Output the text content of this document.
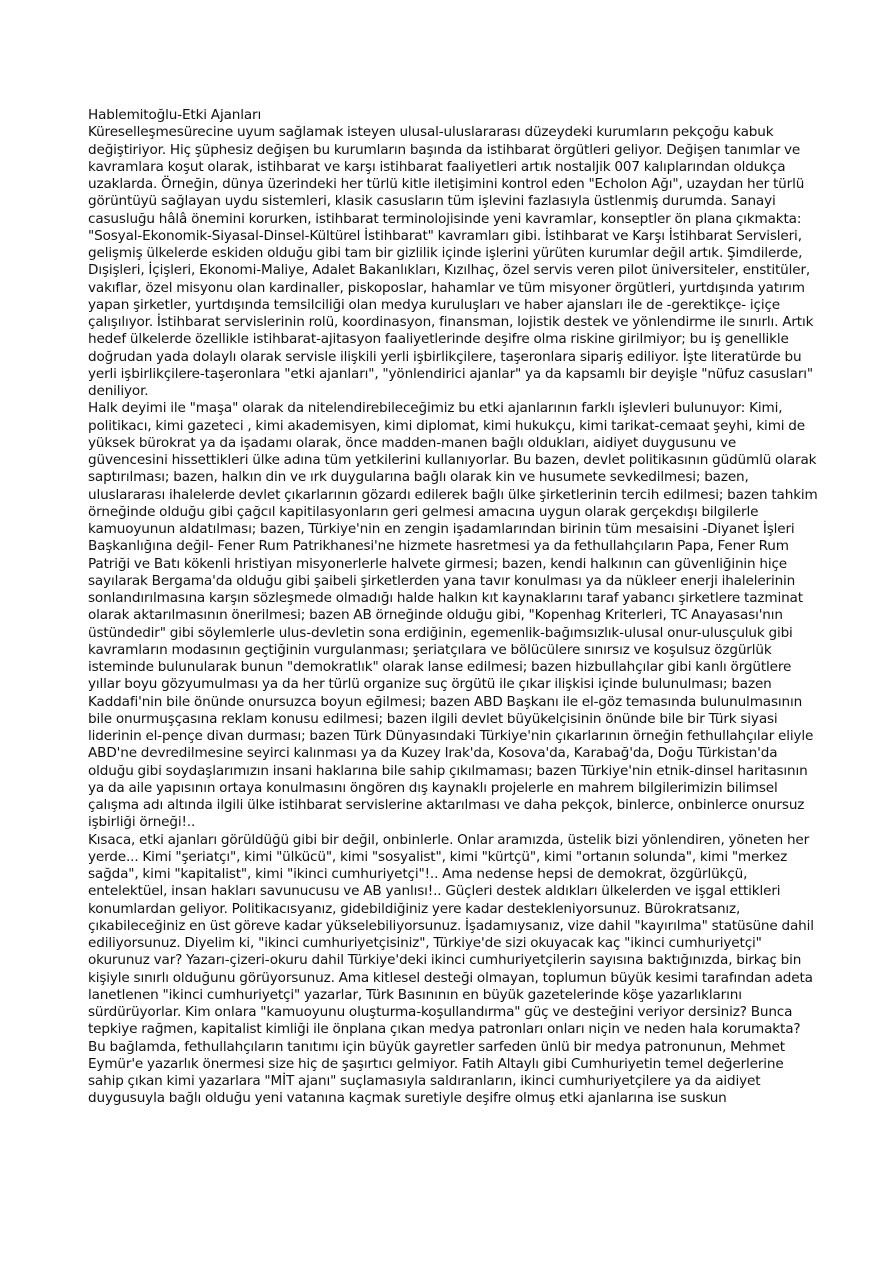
Hablemitoğlu-Etki Ajanları

Küreselleşmesürecine uyum sağlamak isteyen ulusal-uluslararası düzeydeki kurumların pekçoğu kabuk değiştiriyor. Hiç şüphesiz değişen bu kurumların başında da istihbarat örgütleri geliyor. Değişen tanımlar ve kavramlara koşut olarak, istihbarat ve karşı istihbarat faaliyetleri artık nostaljik 007 kalıplarından oldukça uzaklarda. Örneğin, dünya üzerindeki her türlü kitle iletişimini kontrol eden "Echolon Ağı", uzaydan her türlü görüntüyü sağlayan uydu sistemleri, klasik casusların tüm işlevini fazlasıyla üstlenmiş durumda. Sanayi casusluğu hâlâ önemini korurken, istihbarat terminolojisinde yeni kavramlar, konseptler ön plana çıkmakta: "Sosyal-Ekonomik-Siyasal-Dinsel-Kültürel İstihbarat" kavramları gibi. İstihbarat ve Karşı İstihbarat Servisleri, gelişmiş ülkelerde eskiden olduğu gibi tam bir gizlilik içinde işlerini yürüten kurumlar değil artık. Şimdilerde, Dışişleri, İçişleri, Ekonomi-Maliye, Adalet Bakanlıkları, Kızılhaç, özel servis veren pilot üniversiteler, enstitüler, vakıflar, özel misyonu olan kardinaller, piskoposlar, hahamlar ve tüm misyoner örgütleri, yurtdışında yatırım yapan şirketler, yurtdışında temsilciliği olan medya kuruluşları ve haber ajansları ile de -gerektikçe- içiçe çalışılıyor. İstihbarat servislerinin rolü, koordinasyon, finansman, lojistik destek ve yönlendirme ile sınırlı. Artık hedef ülkelerde özellikle istihbarat-ajitasyon faaliyetlerinde deşifre olma riskine girilmiyor; bu iş genellikle doğrudan yada dolaylı olarak servisle ilişkili yerli işbirlikçilere, taşeronlara sipariş ediliyor. İşte literatürde bu yerli işbirlikçilere-taşeronlara "etki ajanları", "yönlendirici ajanlar" ya da kapsamlı bir deyişle "nüfuz casusları" deniliyor.

Halk deyimi ile "maşa" olarak da nitelendirebileceğimiz bu etki ajanlarının farklı işlevleri bulunuyor: Kimi, politikacı, kimi gazeteci , kimi akademisyen, kimi diplomat, kimi hukukçu, kimi tarikat-cemaat şeyhi, kimi de yüksek bürokrat ya da işadamı olarak, önce madden-manen bağlı oldukları, aidiyet duygusunu ve güvencesini hissettikleri ülke adına tüm yetkilerini kullanıyorlar. Bu bazen, devlet politikasının güdümlü olarak saptırılması; bazen, halkın din ve ırk duygularına bağlı olarak kin ve husumete sevkedilmesi; bazen, uluslararası ihalelerde devlet çıkarlarının gözardı edilerek bağlı ülke şirketlerinin tercih edilmesi; bazen tahkim örneğinde olduğu gibi çağcıl kapitilasyonların geri gelmesi amacına uygun olarak gerçekdışı bilgilerle kamuoyunun aldatılması; bazen, Türkiye'nin en zengin işadamlarından birinin tüm mesaisini -Diyanet İşleri Başkanlığına değil- Fener Rum Patrikhanesi'ne hizmete hasretmesi ya da fethullahçıların Papa, Fener Rum Patriği ve Batı kökenli hristiyan misyonerlerle halvete girmesi; bazen, kendi halkının can güvenliğinin hiçe sayılarak Bergama'da olduğu gibi şaibeli şirketlerden yana tavır konulması ya da nükleer enerji ihalelerinin sonlandırılmasına karşın sözleşmede olmadığı halde halkın kıt kaynaklarını taraf yabancı şirketlere tazminat olarak aktarılmasının önerilmesi; bazen AB örneğinde olduğu gibi, "Kopenhag Kriterleri, TC Anayasası'nın üstündedir" gibi söylemlerle ulus-devletin sona erdiğinin, egemenlik-bağımsızlık-ulusal onur-ulusçuluk gibi kavramların modasının geçtiğinin vurgulanması; şeriatçılara ve bölücülere sınırsız ve koşulsuz özgürlük isteminde bulunularak bunun "demokratlık" olarak lanse edilmesi; bazen hizbullahçılar gibi kanlı örgütlere yıllar boyu gözyumulması ya da her türlü organize suç örgütü ile çıkar ilişkisi içinde bulunulması; bazen Kaddafi'nin bile önünde onursuzca boyun eğilmesi; bazen ABD Başkanı ile el-göz temasında bulunulmasının bile onurmuşçasına reklam konusu edilmesi; bazen ilgili devlet büyükelçisinin önünde bile bir Türk siyasi liderinin el-pençe divan durması; bazen Türk Dünyasındaki Türkiye'nin çıkarlarının örneğin fethullahçılar eliyle ABD'ne devredilmesine seyirci kalınması ya da Kuzey Irak'da, Kosova'da, Karabağ'da, Doğu Türkistan'da olduğu gibi soydaşlarımızın insani haklarına bile sahip çıkılmaması; bazen Türkiye'nin etnik-dinsel haritasının ya da aile yapısının ortaya konulmasını öngören dış kaynaklı projelerle en mahrem bilgilerimizin bilimsel çalışma adı altında ilgili ülke istihbarat servislerine aktarılması ve daha pekçok, binlerce, onbinlerce onursuz işbirliği örneği!..

Kısaca, etki ajanları görüldüğü gibi bir değil, onbinlerle. Onlar aramızda, üstelik bizi yönlendiren, yöneten her yerde... Kimi "şeriatçı", kimi "ülkücü", kimi "sosyalist", kimi "kürtçü", kimi "ortanın solunda", kimi "merkez sağda", kimi "kapitalist", kimi "ikinci cumhuriyetçi"!.. Ama nedense hepsi de demokrat, özgürlükçü, entelektüel, insan hakları savunucusu ve AB yanlısı!.. Güçleri destek aldıkları ülkelerden ve işgal ettikleri konumlardan geliyor. Politikacısyanız, gidebildiğiniz yere kadar destekleniyorsunuz. Bürokratsanız, çıkabileceğiniz en üst göreve kadar yükselebiliyorsunuz. İşadamıysanız, vize dahil "kayırılma" statüsüne dahil ediliyorsunuz. Diyelim ki, "ikinci cumhuriyetçisiniz", Türkiye'de sizi okuyacak kaç "ikinci cumhuriyetçi" okurunuz var? Yazarı-çizeri-okuru dahil Türkiye'deki ikinci cumhuriyetçilerin sayısına baktığınızda, birkaç bin kişiyle sınırlı olduğunu görüyorsunuz. Ama kitlesel desteği olmayan, toplumun büyük kesimi tarafından adeta lanetlenen "ikinci cumhuriyetçi" yazarlar, Türk Basınının en büyük gazetelerinde köşe yazarlıklarını sürdürüyorlar. Kim onlara "kamuoyunu oluşturma-koşullandırma" güç ve desteğini veriyor dersiniz? Bunca tepkiye rağmen, kapitalist kimliği ile önplana çıkan medya patronları onları niçin ve neden hala korumakta?Bu bağlamda, fethullahçıların tanıtımı için büyük gayretler sarfeden ünlü bir medya patronunun, Mehmet Eymür'e yazarlık önermesi size hiç de şaşırtıcı gelmiyor. Fatih Altaylı gibi Cumhuriyetin temel değerlerine sahip çıkan kimi yazarlara "MİT ajanı" suçlamasıyla saldıranların, ikinci cumhuriyetçilere ya da aidiyet duygusuyla bağlı olduğu yeni vatanına kaçmak suretiyle deşifre olmuş etki ajanlarına ise suskun
